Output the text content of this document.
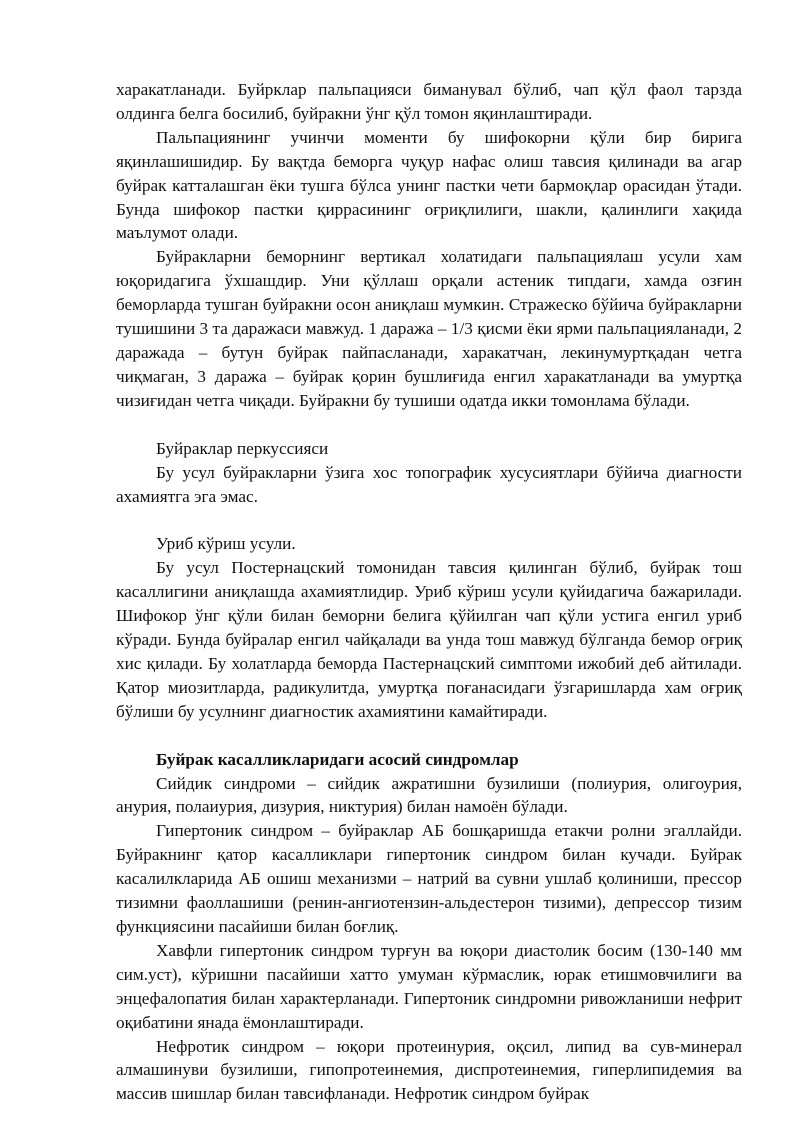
харакатланади. Буйрклар пальпацияси биманувал бўлиб, чап қўл фаол тарзда олдинга белга босилиб, буйракни ўнг қўл томон яқинлаштиради.

Пальпациянинг учинчи моменти бу шифокорни қўли бир бирига яқинлашишидир. Бу вақтда беморга чуқур нафас олиш тавсия қилинади ва агар буйрак катталашган ёки тушга бўлса унинг пастки чети бармоқлар орасидан ўтади. Бунда шифокор пастки қиррасининг оғриқлилиги, шакли, қалинлиги хақида маълумот олади.

Буйракларни беморнинг вертикал холатидаги пальпациялаш усули хам юқоридагига ўхшашдир. Уни қўллаш орқали астеник типдаги, хамда озғин беморларда тушган буйракни осон аниқлаш мумкин. Стражеско бўйича буйракларни тушишини 3 та даражаси мавжуд. 1 даража – 1/3 қисми ёки ярми пальпацияланади, 2 даражада – бутун буйрак пайпасланади, харакатчан, лекинумуртқадан четга чиқмаган, 3 даража – буйрак қорин бушлиғида енгил харакатланади ва умуртқа чизиғидан четга чиқади. Буйракни бу тушиши одатда икки томонлама бўлади.

Буйраклар перкуссияси

Бу усул буйракларни ўзига хос топографик хусусиятлари бўйича диагности ахамиятга эга эмас.

Уриб кўриш усули.

Бу усул Постернацский томонидан тавсия қилинган бўлиб, буйрак тош касаллигини аниқлашда ахамиятлидир. Уриб кўриш усули қуйидагича бажарилади. Шифокор ўнг қўли билан беморни белига қўйилган чап қўли устига енгил уриб кўради. Бунда буйралар енгил чайқалади ва унда тош мавжуд бўлганда бемор оғриқ хис қилади. Бу холатларда беморда Пастернацский симптоми ижобий деб айтилади. Қатор миозитларда, радикулитда, умуртқа поғанасидаги ўзгаришларда хам оғриқ бўлиши бу усулнинг диагностик ахамиятини камайтиради.

Буйрак касалликларидаги асосий синдромлар

Сийдик синдроми – сийдик ажратишни бузилиши (полиурия, олигоурия, анурия, полаиурия, дизурия, никтурия) билан намоён бўлади.

Гипертоник синдром – буйраклар АБ бошқаришда етакчи ролни эгаллайди. Буйракнинг қатор касалликлари гипертоник синдром билан кучади. Буйрак касалилкларида АБ ошиш механизми – натрий ва сувни ушлаб қолиниши, прессор тизимни фаоллашиши (ренин-ангиотензин-альдестерон тизими), депрессор тизим функциясини пасайиши билан боғлиқ.

Хавфли гипертоник синдром турғун ва юқори диастолик босим (130-140 мм сим.уст), кўришни пасайиши хатто умуман кўрмаслик, юрак етишмовчилиги ва энцефалопатия билан характерланади. Гипертоник синдромни ривожланиши нефрит оқибатини янада ёмонлаштиради.

Нефротик синдром – юқори протеинурия, оқсил, липид ва сув-минерал алмашинуви бузилиши, гипопротеинемия, диспротеинемия, гиперлипидемия ва массив шишлар билан тавсифланади. Нефротик синдром буйрак
